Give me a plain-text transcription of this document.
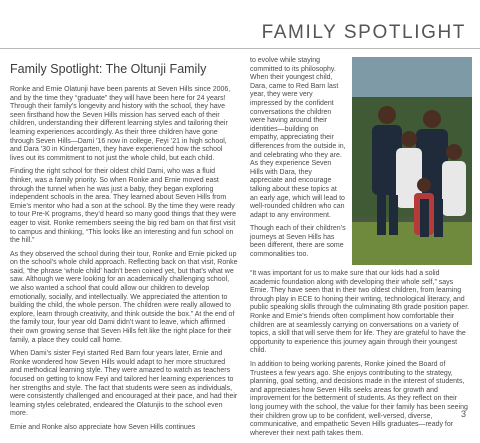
FAMILY SPOTLIGHT
Family Spotlight: The Oltunji Family

Ronke and Ernie Olatunji have been parents at Seven Hills since 2006, and by the time they “graduate” they will have been here for 24 years! Through their family’s longevity and history with the school, they have seen firsthand how the Seven Hills mission has served each of their children, understanding their different learning styles and tailoring their learning experiences accordingly. As their three children have gone through Seven Hills—Dami ’16 now in college, Feyi ’21 in high school, and Dara ’30 in Kindergarten, they have experienced how the school lives out its commitment to not just the whole child, but each child.

Finding the right school for their oldest child Dami, who was a fluid thinker, was a family priority. So when Ronke and Ernie moved east through the tunnel when he was just a baby, they began exploring independent schools in the area. They learned about Seven Hills from Ernie’s mentor who had a son at the school. By the time they were ready to tour Pre-K programs, they’d heard so many good things that they were eager to visit. Ronke remembers seeing the big red barn on that first visit to campus and thinking, “This looks like an interesting and fun school on the hill.”

As they observed the school during their tour, Ronke and Ernie picked up on the school’s whole child approach. Reflecting back on that visit, Ronke said, “the phrase ‘whole child’ hadn’t been coined yet, but that’s what we saw. Although we were looking for an academically challenging school, we also wanted a school that could allow our children to develop emotionally, socially, and intellectually. We appreciated the attention to building the child, the whole person. The children were really allowed to explore, learn through creativity, and think outside the box.” At the end of the family tour, four year old Dami didn’t want to leave, which affirmed their own growing sense that Seven Hills felt like the right place for their family, a place they could call home.

When Dami’s sister Feyi started Red Barn four years later, Ernie and Ronke wondered how Seven Hills would adapt to her more structured and methodical learning style. They were amazed to watch as teachers focused on getting to know Feyi and tailored her learning experiences to her strengths and style. The fact that students were seen as individuals, were consistently challenged and encouraged at their pace, and had their learning styles celebrated, endeared the Olatunjis to the school even more.

Ernie and Ronke also appreciate how Seven Hills continues

to evolve while staying committed to its philosophy. When their youngest child, Dara, came to Red Barn last year, they were very impressed by the confident conversations the children were having around their identities—building on empathy, appreciating their differences from the outside in, and celebrating who they are. As they experience Seven Hills with Dara, they appreciate and encourage talking about these topics at an early age, which will lead to well-rounded children who can adapt to any environment.

Though each of their children’s journeys at Seven Hills has been different, there are some commonalities too.

“It was important for us to make sure that our kids had a solid academic foundation along with developing their whole self,” says Ernie. They have seen that in their two oldest children, from learning through play in ECE to honing their writing, technological literacy, and public speaking skills through the culminating 8th grade position paper. Ronke and Ernie’s friends often compliment how comfortable their children are at seamlessly carrying on conversations on a variety of topics, a skill that will serve them for life. They are grateful to have the opportunity to experience this journey again through their youngest child.

In addition to being working parents, Ronke joined the Board of Trustees a few years ago. She enjoys contributing to the strategy, planning, goal setting, and decisions made in the interest of students, and appreciates how Seven Hills seeks areas for growth and improvement for the betterment of students. As they reflect on their long journey with the school, the value for their family has been seeing their children grow up to be confident, well-versed, diverse, communicative, and empathetic Seven Hills graduates—ready for wherever their next path takes them.

3
